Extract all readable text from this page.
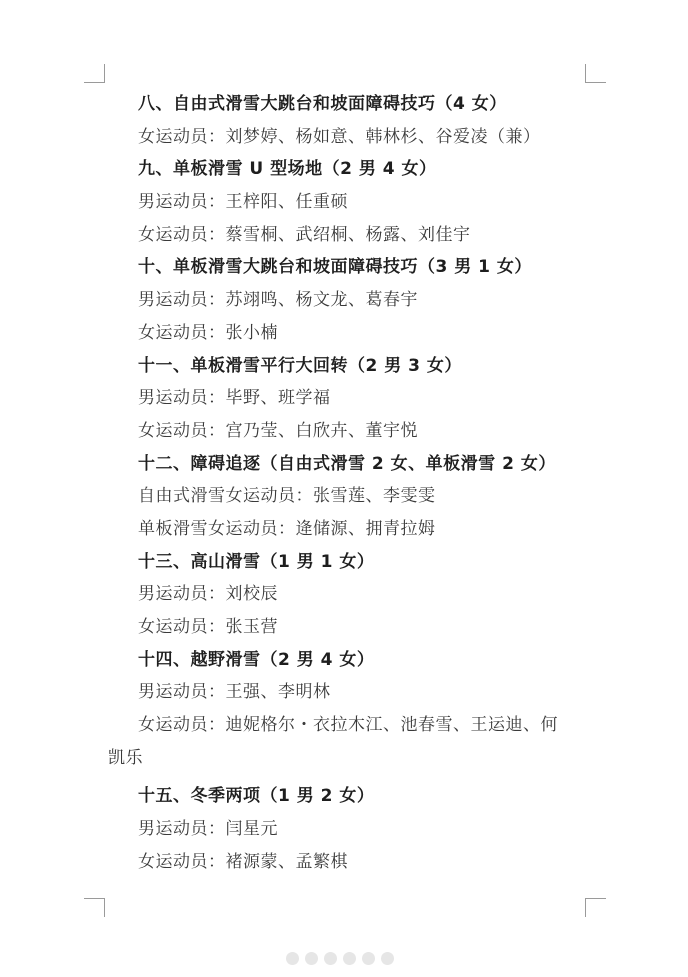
八、自由式滑雪大跳台和坡面障碍技巧（4 女）
女运动员：刘梦婷、杨如意、韩林杉、谷爱凌（兼）
九、单板滑雪 U 型场地（2 男 4 女）
男运动员：王梓阳、任重硕
女运动员：蔡雪桐、武绍桐、杨露、刘佳宇
十、单板滑雪大跳台和坡面障碍技巧（3 男 1 女）
男运动员：苏翊鸣、杨文龙、葛春宇
女运动员：张小楠
十一、单板滑雪平行大回转（2 男 3 女）
男运动员：毕野、班学福
女运动员：宫乃莹、白欣卉、董宇悦
十二、障碍追逐（自由式滑雪 2 女、单板滑雪 2 女）
自由式滑雪女运动员：张雪莲、李雯雯
单板滑雪女运动员：逄储源、拥青拉姆
十三、高山滑雪（1 男 1 女）
男运动员：刘校辰
女运动员：张玉营
十四、越野滑雪（2 男 4 女）
男运动员：王强、李明林
女运动员：迪妮格尔・衣拉木江、池春雪、王运迪、何
凯乐
十五、冬季两项（1 男 2 女）
男运动员：闫星元
女运动员：褚源蒙、孟繁棋
